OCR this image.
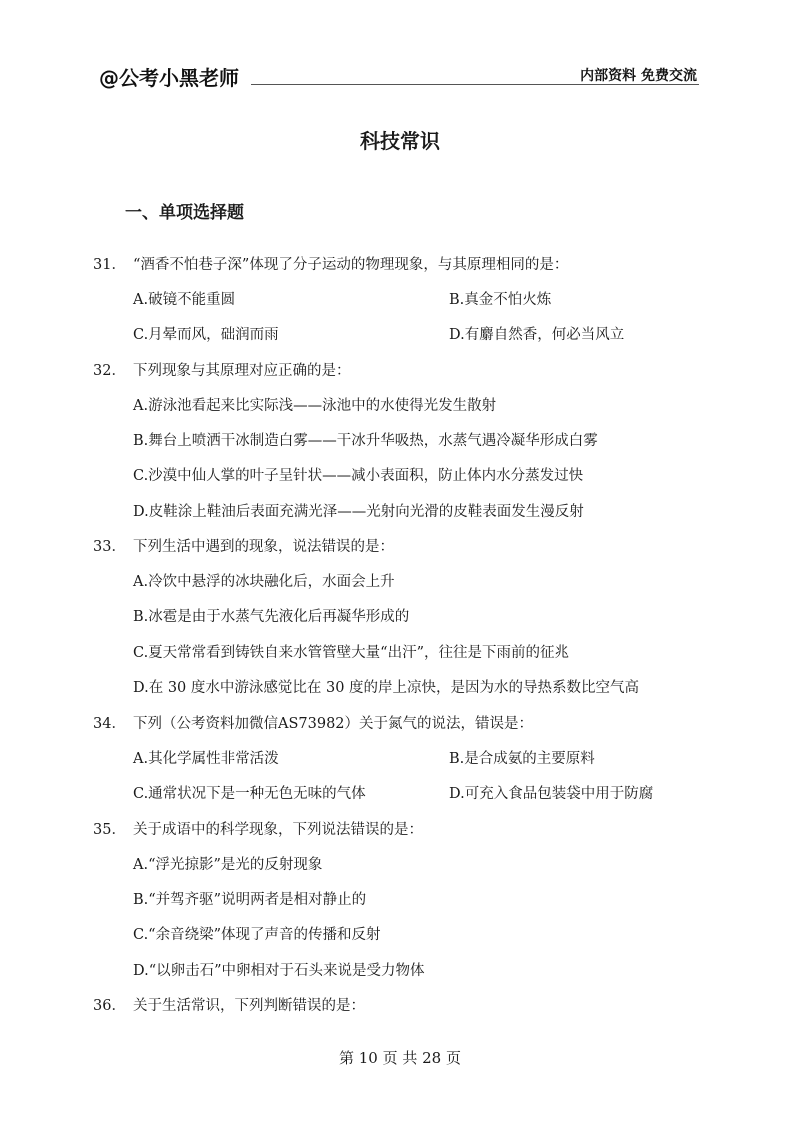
@公考小黑老师	内部资料 免费交流
科技常识
一、单项选择题
31． “酒香不怕巷子深”体现了分子运动的物理现象，与其原理相同的是：
A.破镜不能重圆	B.真金不怕火炼
C.月晕而风，础润而雨	D.有麝自然香，何必当风立
32． 下列现象与其原理对应正确的是：
A.游泳池看起来比实际浅——泳池中的水使得光发生散射
B.舞台上喷洒干冰制造白雾——干冰升华吸热，水蒸气遇冷凝华形成白雾
C.沙漠中仙人掌的叶子呈针状——减小表面积，防止体内水分蒸发过快
D.皮鞋涂上鞋油后表面充满光泽——光射向光滑的皮鞋表面发生漫反射
33． 下列生活中遇到的现象，说法错误的是：
A.冷饮中悬浮的冰块融化后，水面会上升
B.冰雹是由于水蒸气先液化后再凝华形成的
C.夏天常常看到铸铁自来水管管壁大量“出汗”，往往是下雨前的征兆
D.在 30 度水中游泳感觉比在 30 度的岸上凉快，是因为水的导热系数比空气高
34． 下列（公考资料加微信AS73982）关于氮气的说法，错误是：
A.其化学属性非常活泼	B.是合成氨的主要原料
C.通常状况下是一种无色无味的气体	D.可充入食品包装袋中用于防腐
35． 关于成语中的科学现象，下列说法错误的是：
A.“浮光掠影”是光的反射现象
B.“并驾齐驱”说明两者是相对静止的
C.“余音绕梁”体现了声音的传播和反射
D.“以卵击石”中卵相对于石头来说是受力物体
36． 关于生活常识，下列判断错误的是：
第 10 页 共 28 页
